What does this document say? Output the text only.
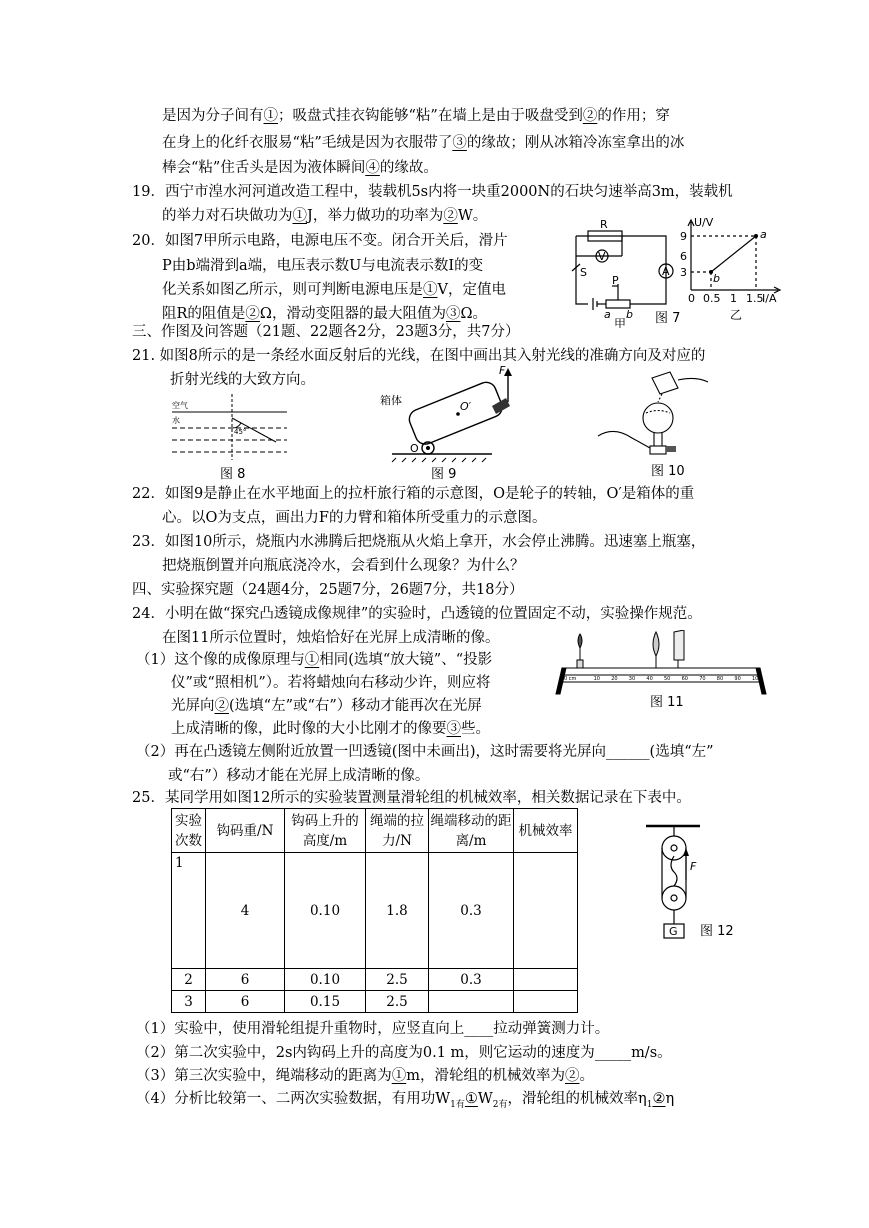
是因为分子间有①；吸盘式挂衣钩能够“粘”在墙上是由于吸盘受到②的作用；穿
在身上的化纤衣服易“粘”毛绒是因为衣服带了③的缘故；刚从冰箱冷冻室拿出的冰
棒会“粘”住舌头是因为液体瞬间④的缘故。
19．西宁市湟水河河道改造工程中，装载机5s内将一块重2000N的石块匀速举高3m，装载机
的举力对石块做功为①J，举力做功的功率为②W。
20．如图7甲所示电路，电源电压不变。闭合开关后，滑片
P由b端滑到a端，电压表示数U与电流表示数I的变
化关系如图乙所示，则可判断电源电压是①V，定值电
阻R的阻值是②Ω，滑动变阻器的最大阻值为③Ω。
R
V
A
S
P
a b
甲
U/V
9
6
3
0 0.5 1 1.5
I/A
a
b
乙
图 7
三、作图及问答题（21题、22题各2分，23题3分，共7分）
21. 如图8所示的是一条经水面反射后的光线，在图中画出其入射光线的准确方向及对应的
折射光线的大致方向。
空气
水
45°
图 8
箱体	O′
O
F
图 9	图 10
22．如图9是静止在水平地面上的拉杆旅行箱的示意图，O是轮子的转轴，O′是箱体的重
心。以O为支点，画出力F的力臂和箱体所受重力的示意图。
23．如图10所示，烧瓶内水沸腾后把烧瓶从火焰上拿开，水会停止沸腾。迅速塞上瓶塞，
把烧瓶倒置并向瓶底浇冷水，会看到什么现象？为什么？
四、实验探究题（24题4分，25题7分，26题7分，共18分）
24．小明在做“探究凸透镜成像规律”的实验时，凸透镜的位置固定不动，实验操作规范。
在图11所示位置时，烛焰恰好在光屏上成清晰的像。
（1）这个像的成像原理与①相同(选填“放大镜”、“投影
仪”或“照相机”）。若将蜡烛向右移动少许，则应将
光屏向②(选填“左”或“右”）移动才能再次在光屏
上成清晰的像，此时像的大小比刚才的像要③些。
（2）再在凸透镜左侧附近放置一凹透镜(图中未画出)，这时需要将光屏向______(选填“左”
或“右”）移动才能在光屏上成清晰的像。
10 20 30 40 50 60 70 80 90 100
0 cm
图 11
25．某同学用如图12所示的实验装置测量滑轮组的机械效率，相关数据记录在下表中。
实验次数	钩码重/N	钩码上升的高度/m	绳端的拉力/N	绳端移动的距离/m	机械效率
1	4	0.10	1.8	0.3	
2	6	0.10	2.5	0.3	
3	6	0.15	2.5		
F
G 图 12
（1）实验中，使用滑轮组提升重物时，应竖直向上____拉动弹簧测力计。
（2）第二次实验中，2s内钩码上升的高度为0.1 m，则它运动的速度为_____m/s。
（3）第三次实验中，绳端移动的距离为①m，滑轮组的机械效率为②。
（4）分析比较第一、二两次实验数据，有用功$W_{1有}①W_{2有}$，滑轮组的机械效率$\eta_1②\eta$
